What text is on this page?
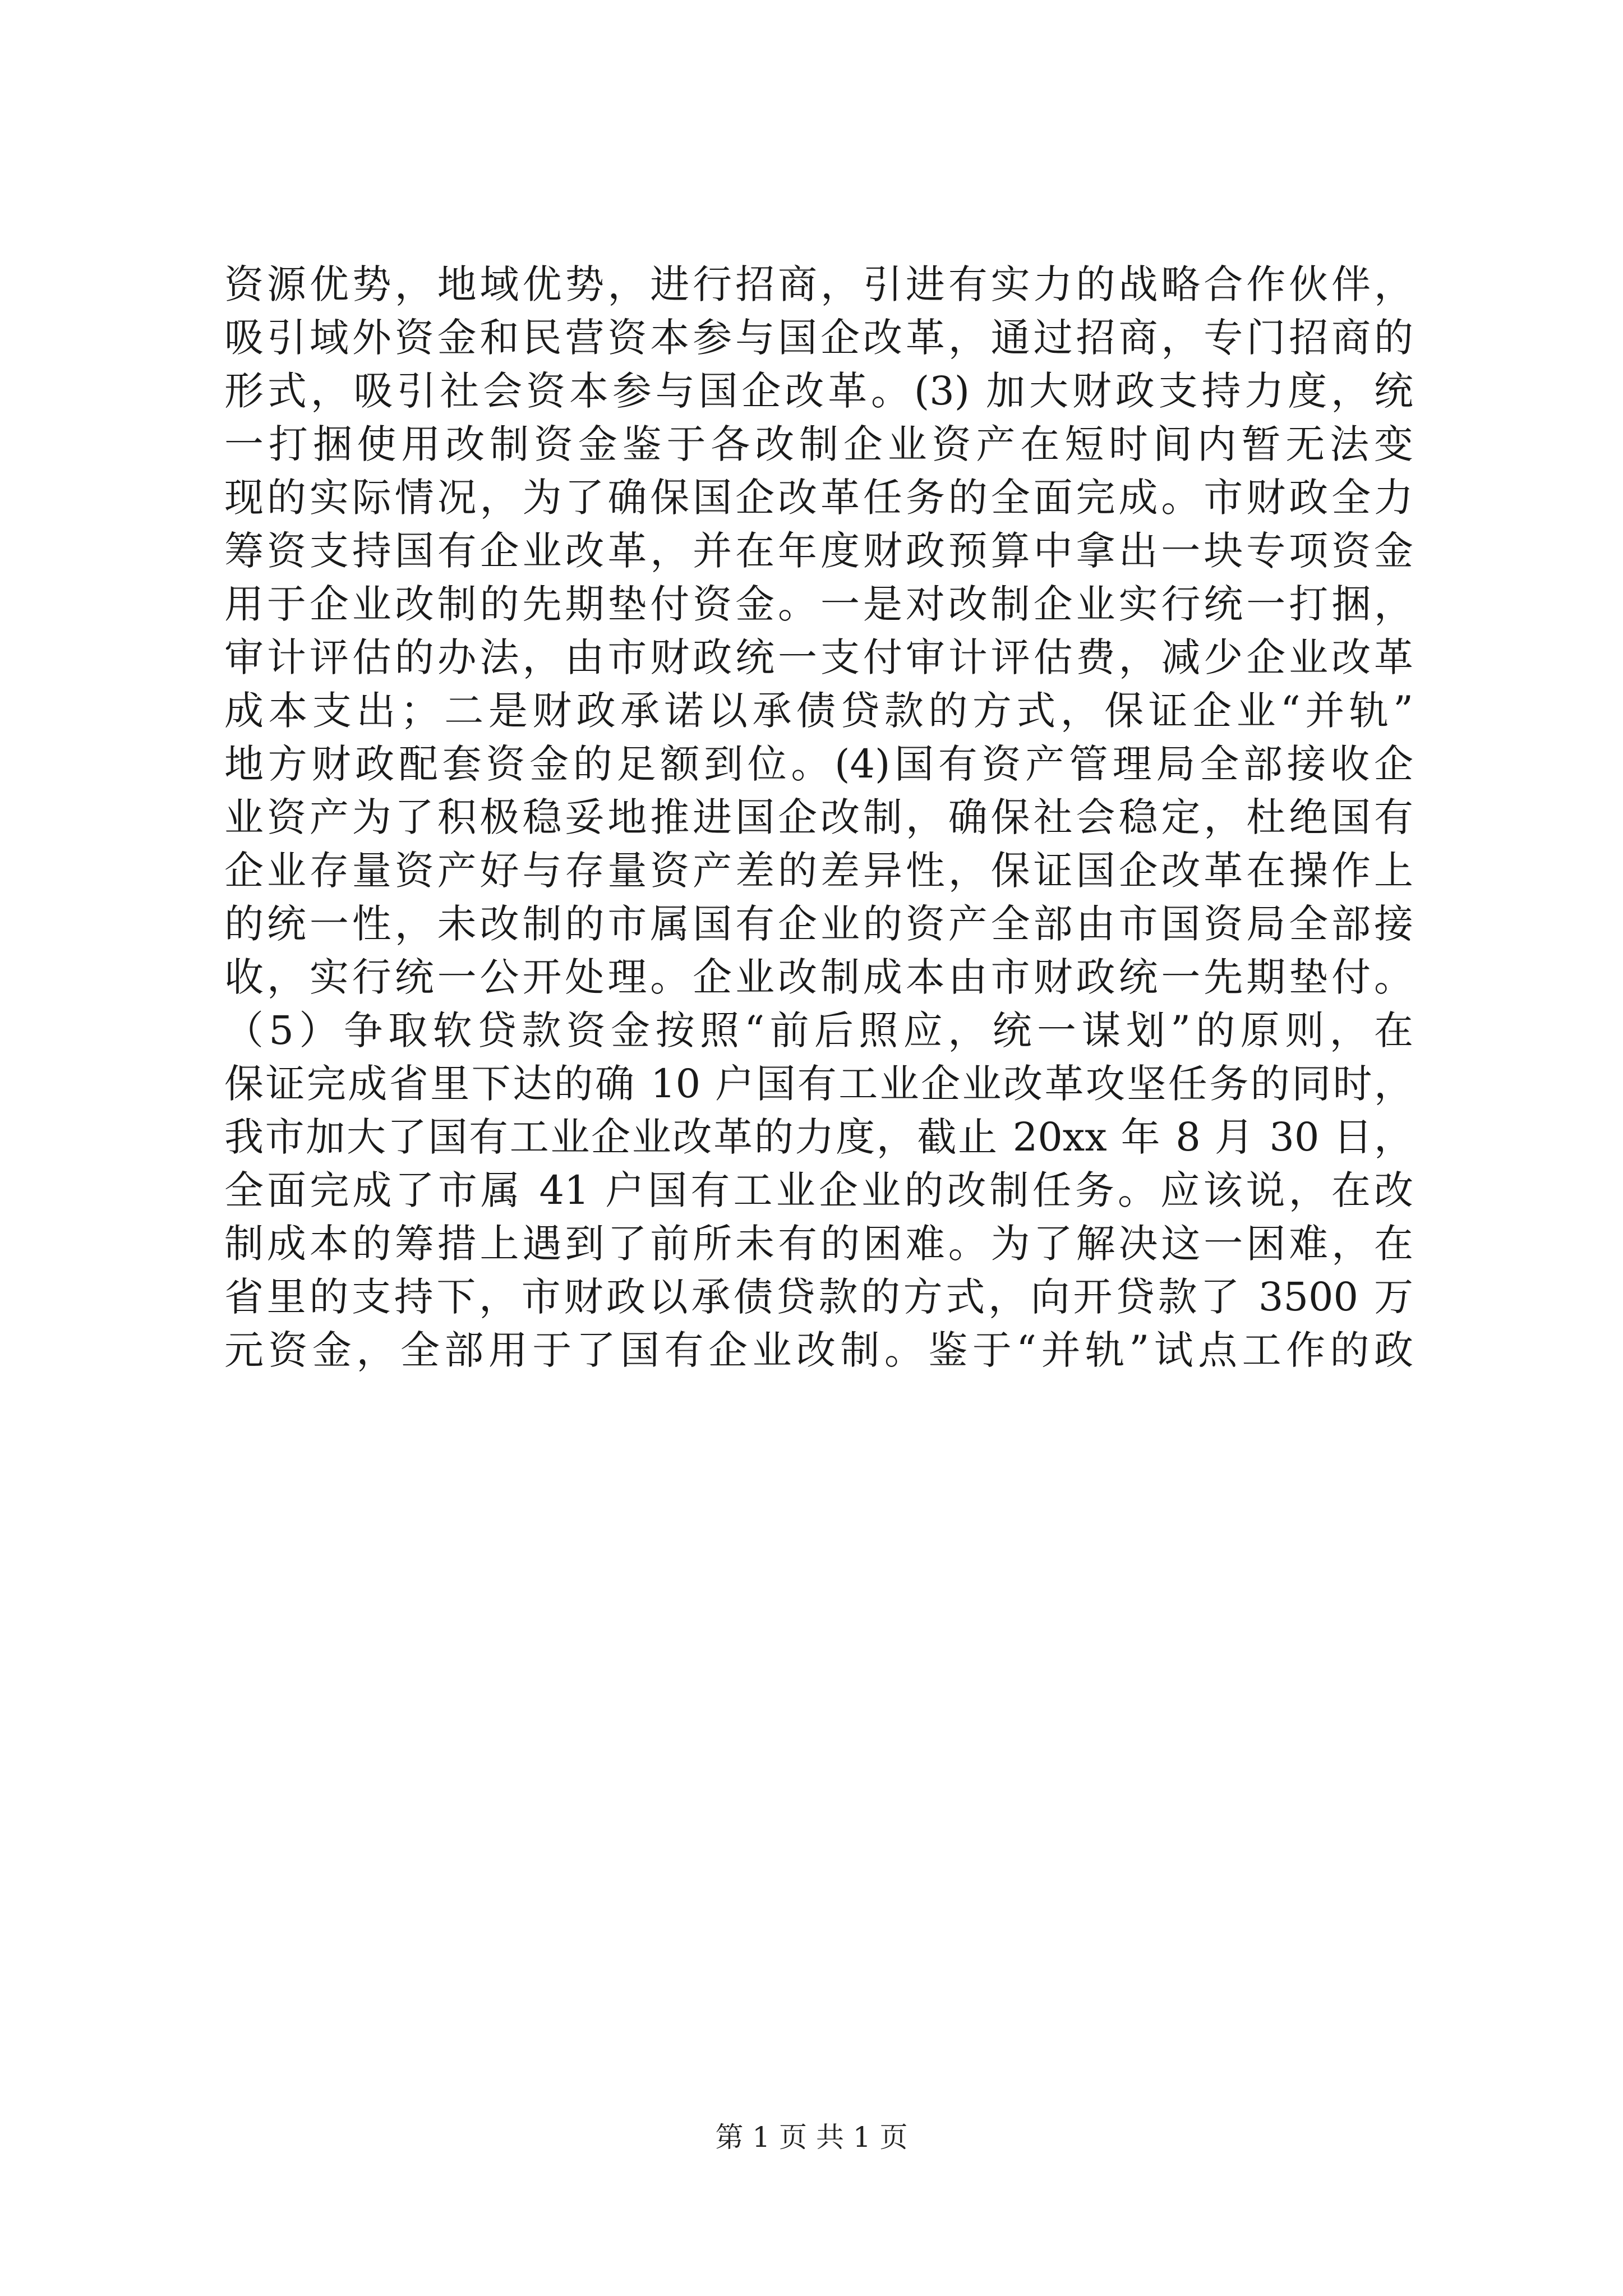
资源优势，地域优势，进行招商，引进有实力的战略合作伙伴，
吸引域外资金和民营资本参与国企改革，通过招商，专门招商的
形式，吸引社会资本参与国企改革。(3) 加大财政支持力度，统
一打捆使用改制资金鉴于各改制企业资产在短时间内暂无法变
现的实际情况，为了确保国企改革任务的全面完成。市财政全力
筹资支持国有企业改革，并在年度财政预算中拿出一块专项资金
用于企业改制的先期垫付资金。一是对改制企业实行统一打捆，
审计评估的办法，由市财政统一支付审计评估费，减少企业改革
成本支出；二是财政承诺以承债贷款的方式，保证企业“并轨”
地方财政配套资金的足额到位。(4)国有资产管理局全部接收企
业资产为了积极稳妥地推进国企改制，确保社会稳定，杜绝国有
企业存量资产好与存量资产差的差异性，保证国企改革在操作上
的统一性，未改制的市属国有企业的资产全部由市国资局全部接
收，实行统一公开处理。企业改制成本由市财政统一先期垫付。
（5）争取软贷款资金按照“前后照应，统一谋划”的原则，在
保证完成省里下达的确 10 户国有工业企业改革攻坚任务的同时，
我市加大了国有工业企业改革的力度，截止 20xx 年 8 月 30 日，
全面完成了市属 41 户国有工业企业的改制任务。应该说，在改
制成本的筹措上遇到了前所未有的困难。为了解决这一困难，在
省里的支持下，市财政以承债贷款的方式，向开贷款了 3500 万
元资金，全部用于了国有企业改制。鉴于“并轨”试点工作的政
第 1 页 共 1 页
